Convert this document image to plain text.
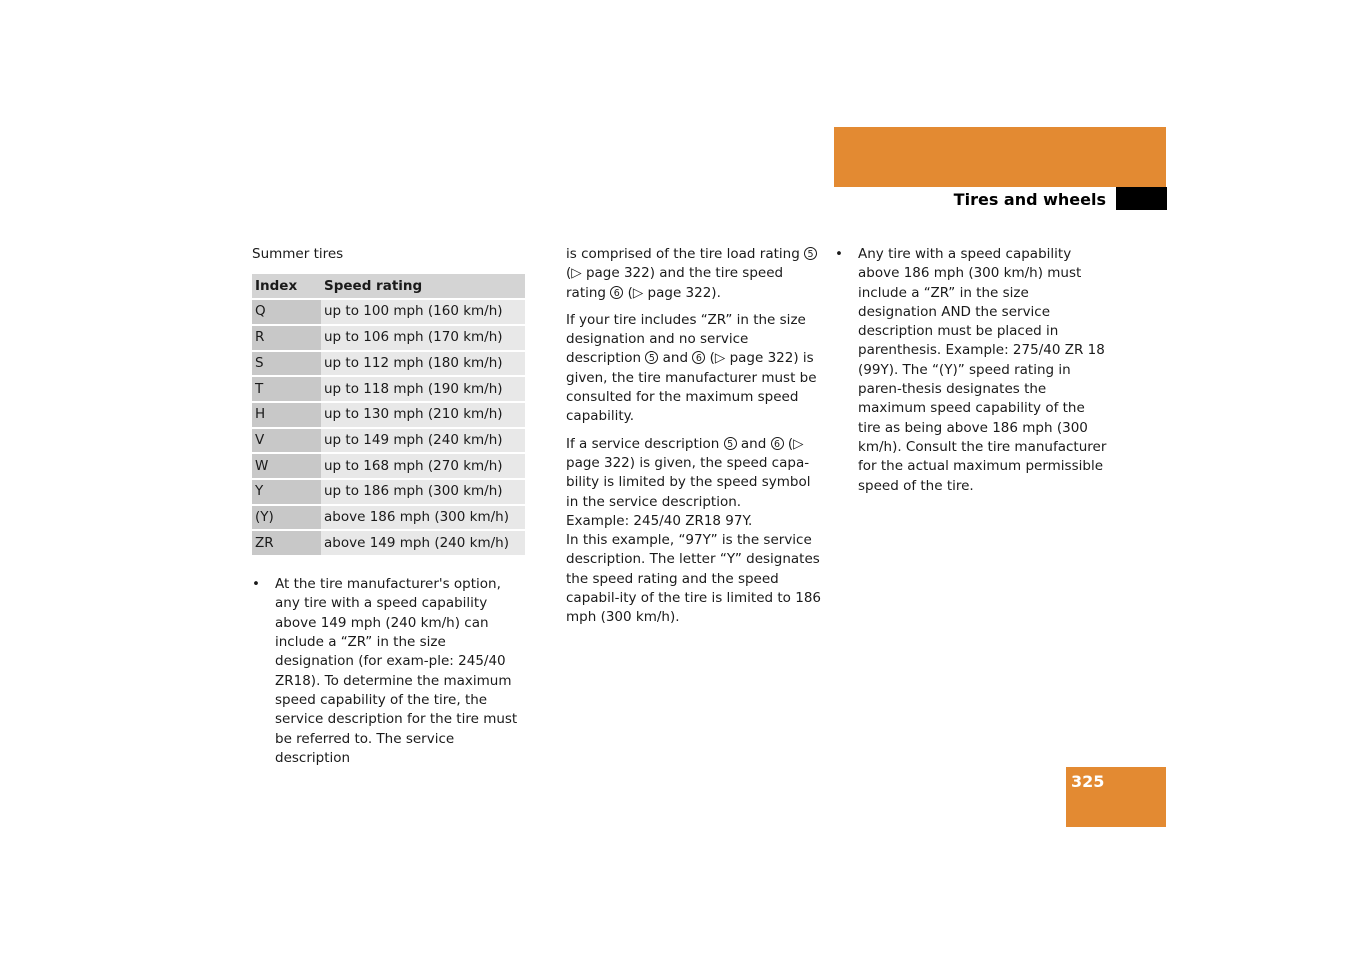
Operation
Tires and wheels
Summer tires
Index	Speed rating
Q	up to 100 mph (160 km/h)
R	up to 106 mph (170 km/h)
S	up to 112 mph (180 km/h)
T	up to 118 mph (190 km/h)
H	up to 130 mph (210 km/h)
V	up to 149 mph (240 km/h)
W	up to 168 mph (270 km/h)
Y	up to 186 mph (300 km/h)
(Y)	above 186 mph (300 km/h)
ZR	above 149 mph (240 km/h)
• At the tire manufacturer's option, any tire with a speed capability above 149 mph (240 km/h) can include a “ZR” in the size designation (for exam-ple: 245/40 ZR18). To determine the maximum speed capability of the tire, the service description for the tire must be referred to. The service description

is comprised of the tire load rating 5 (▷ page 322) and the tire speed rating 6 (▷ page 322).

If your tire includes “ZR” in the size designation and no service description 5 and 6 (▷ page 322) is given, the tire manufacturer must be consulted for the maximum speed capability.

If a service description 5 and 6 (▷ page 322) is given, the speed capa-bility is limited by the speed symbol in the service description.
Example: 245/40 ZR18 97Y.
In this example, “97Y” is the service description. The letter “Y” designates the speed rating and the speed capabil-ity of the tire is limited to 186 mph (300 km/h).

• Any tire with a speed capability above 186 mph (300 km/h) must include a “ZR” in the size designation AND the service description must be placed in parenthesis. Example: 275/40 ZR 18 (99Y). The “(Y)” speed rating in paren-thesis designates the maximum speed capability of the tire as being above 186 mph (300 km/h). Consult the tire manufacturer for the actual maximum permissible speed of the tire.
325
